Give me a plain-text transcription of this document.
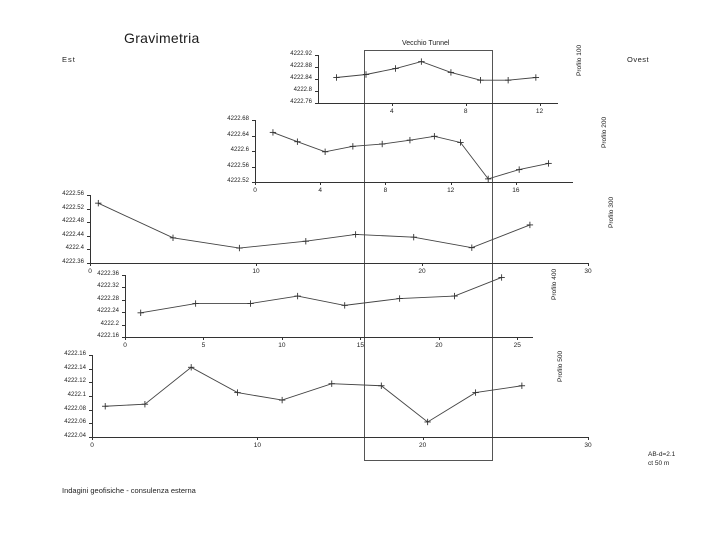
Gravimetria
Est	Ovest
Vecchio Tunnel
AB-d=2.1
ct 50 m
Indagini geofisiche - consulenza esterna
4222.76
4222.8
4222.84
4222.88
4222.92
4	8	12
Profilo 100
4222.52
4222.56
4222.6
4222.64
4222.68
0	4	8	12	16
Profilo 200
4222.36
4222.4
4222.44
4222.48
4222.52
4222.56
0	10	20	30
Profilo 300
4222.16
4222.2
4222.24
4222.28
4222.32
4222.36
0	5	10	15	20	25
Profilo 400
4222.04
4222.06
4222.08
4222.1
4222.12
4222.14
4222.16
0	10	20	30
Profilo 500
